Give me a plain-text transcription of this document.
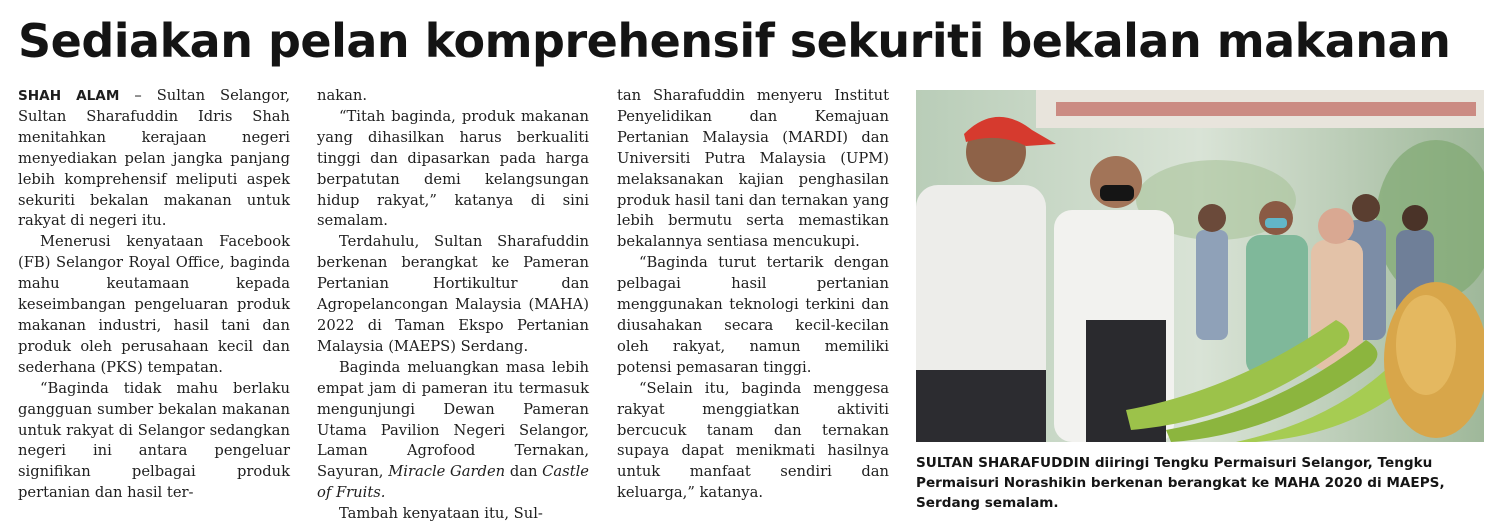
Sediakan pelan komprehensif sekuriti bekalan makanan

SHAH ALAM – Sultan Selangor, Sultan Sharafuddin Idris Shah menitahkan kerajaan negeri menyediakan pelan jangka panjang lebih komprehensif meliputi aspek sekuriti bekalan makanan untuk rakyat di negeri itu.

Menerusi kenyataan Facebook (FB) Selangor Royal Office, baginda mahu keutamaan kepada keseimbangan pengeluaran produk makanan industri, hasil tani dan produk oleh perusahaan kecil dan sederhana (PKS) tempatan.

“Baginda tidak mahu berlaku gangguan sumber bekalan makanan untuk rakyat di Selangor sedangkan negeri ini antara pengeluar signifikan pelbagai produk pertanian dan hasil ter-

nakan.

“Titah baginda, produk makanan yang dihasilkan harus berkualiti tinggi dan dipasarkan pada harga berpatutan demi kelangsungan hidup rakyat,” katanya di sini semalam.

Terdahulu, Sultan Sharafuddin berkenan berangkat ke Pameran Pertanian Hortikultur dan Agropelancongan Malaysia (MAHA) 2022 di Taman Ekspo Pertanian Malaysia (MAEPS) Serdang.

Baginda meluangkan masa lebih empat jam di pameran itu termasuk mengunjungi Dewan Pameran Utama Pavilion Negeri Selangor, Laman Agrofood Ternakan, Sayuran, Miracle Garden dan Castle of Fruits.

Tambah kenyataan itu, Sul-

tan Sharafuddin menyeru Institut Penyelidikan dan Kemajuan Pertanian Malaysia (MARDI) dan Universiti Putra Malaysia (UPM) melaksanakan kajian penghasilan produk hasil tani dan ternakan yang lebih bermutu serta memastikan bekalannya sentiasa mencukupi.

“Baginda turut tertarik dengan pelbagai hasil pertanian menggunakan teknologi terkini dan diusahakan secara kecil-kecilan oleh rakyat, namun memiliki potensi pemasaran tinggi.

“Selain itu, baginda menggesa rakyat menggiatkan aktiviti bercucuk tanam dan ternakan supaya dapat menikmati hasilnya untuk manfaat sendiri dan keluarga,” katanya.

SULTAN SHARAFUDDIN diiringi Tengku Permaisuri Selangor, Tengku Permaisuri Norashikin berkenan berangkat ke MAHA 2020 di MAEPS, Serdang semalam.
